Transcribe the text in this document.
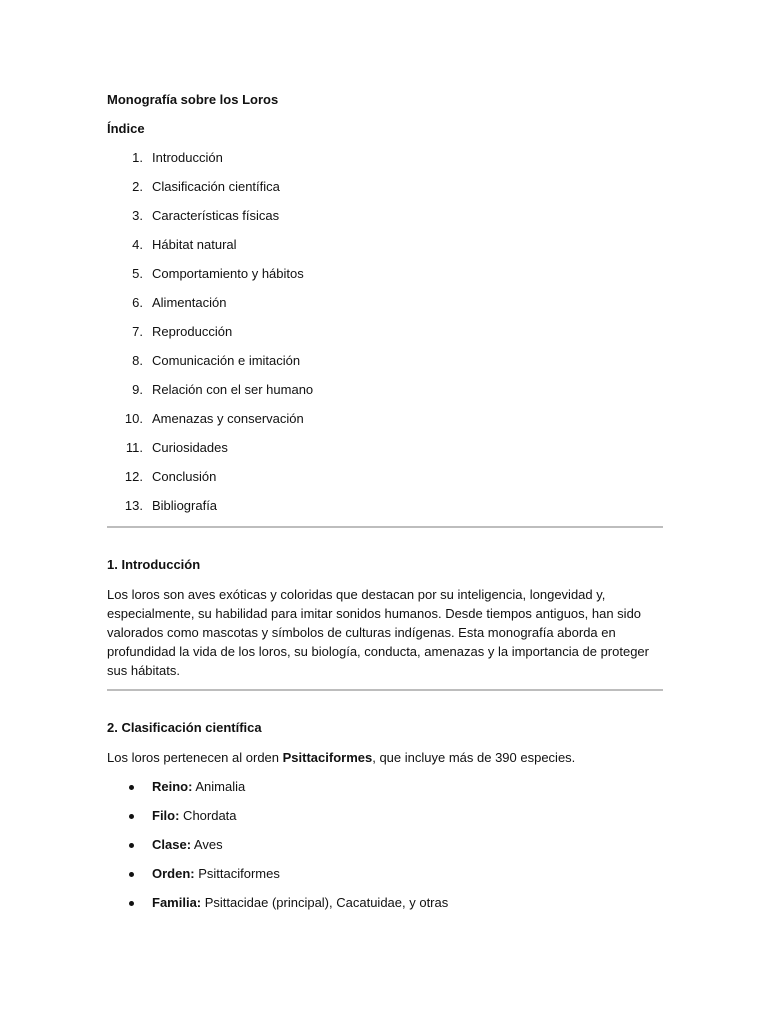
Monografía sobre los Loros

Índice

1. Introducción
2. Clasificación científica
3. Características físicas
4. Hábitat natural
5. Comportamiento y hábitos
6. Alimentación
7. Reproducción
8. Comunicación e imitación
9. Relación con el ser humano
10. Amenazas y conservación
11. Curiosidades
12. Conclusión
13. Bibliografía

1. Introducción

Los loros son aves exóticas y coloridas que destacan por su inteligencia, longevidad y, especialmente, su habilidad para imitar sonidos humanos. Desde tiempos antiguos, han sido valorados como mascotas y símbolos de culturas indígenas. Esta monografía aborda en profundidad la vida de los loros, su biología, conducta, amenazas y la importancia de proteger sus hábitats.

2. Clasificación científica

Los loros pertenecen al orden Psittaciformes, que incluye más de 390 especies.

Reino: Animalia
Filo: Chordata
Clase: Aves
Orden: Psittaciformes
Familia: Psittacidae (principal), Cacatuidae, y otras
